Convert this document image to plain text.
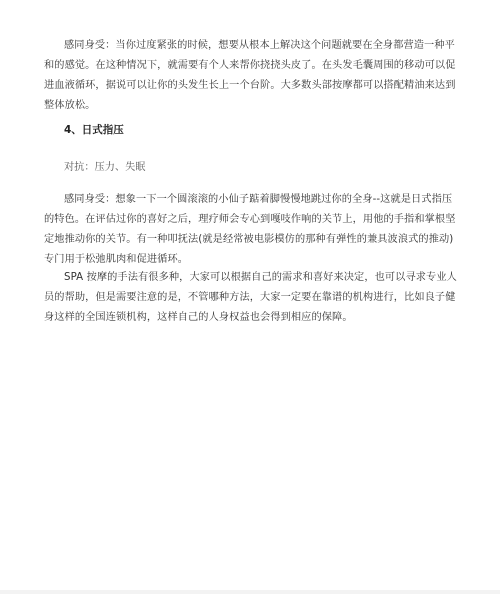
感同身受：当你过度紧张的时候，想要从根本上解决这个问题就要在全身都营造一种平和的感觉。在这种情况下，就需要有个人来帮你挠挠头皮了。在头发毛囊周围的移动可以促进血液循环，据说可以让你的头发生长上一个台阶。大多数头部按摩都可以搭配精油来达到整体放松。

4、日式指压

对抗：压力、失眠

感同身受：想象一下一个圆滚滚的小仙子踮着脚慢慢地跳过你的全身--这就是日式指压的特色。在评估过你的喜好之后，理疗师会专心到嘎吱作响的关节上，用他的手指和掌根坚定地推动你的关节。有一种叩抚法(就是经常被电影模仿的那种有弹性的兼具波浪式的推动)专门用于松弛肌肉和促进循环。

SPA 按摩的手法有很多种，大家可以根据自己的需求和喜好来决定，也可以寻求专业人员的帮助，但是需要注意的是，不管哪种方法，大家一定要在靠谱的机构进行，比如良子健身这样的全国连锁机构，这样自己的人身权益也会得到相应的保障。
